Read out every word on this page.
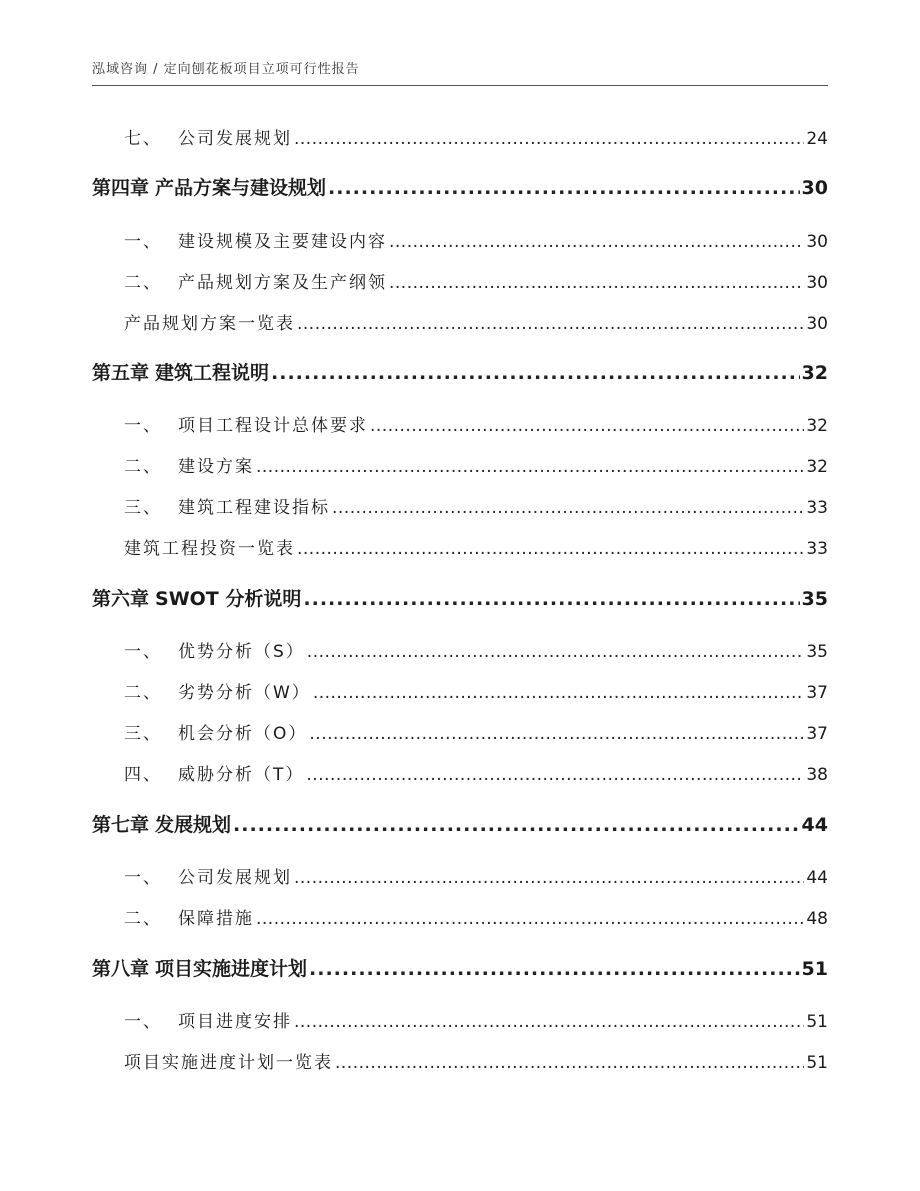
泓域咨询 / 定向刨花板项目立项可行性报告
七、 公司发展规划 .....	24
第四章 产品方案与建设规划 .....	30
一、 建设规模及主要建设内容 .....	30
二、 产品规划方案及生产纲领 .....	30
产品规划方案一览表 .....	30
第五章 建筑工程说明 .....	32
一、 项目工程设计总体要求 .....	32
二、 建设方案 .....	32
三、 建筑工程建设指标 .....	33
建筑工程投资一览表 .....	33
第六章 SWOT 分析说明 .....	35
一、 优势分析（S） .....	35
二、 劣势分析（W） .....	37
三、 机会分析（O） .....	37
四、 威胁分析（T） .....	38
第七章 发展规划 .....	44
一、 公司发展规划 .....	44
二、 保障措施 .....	48
第八章 项目实施进度计划 .....	51
一、 项目进度安排 .....	51
项目实施进度计划一览表 .....	51
